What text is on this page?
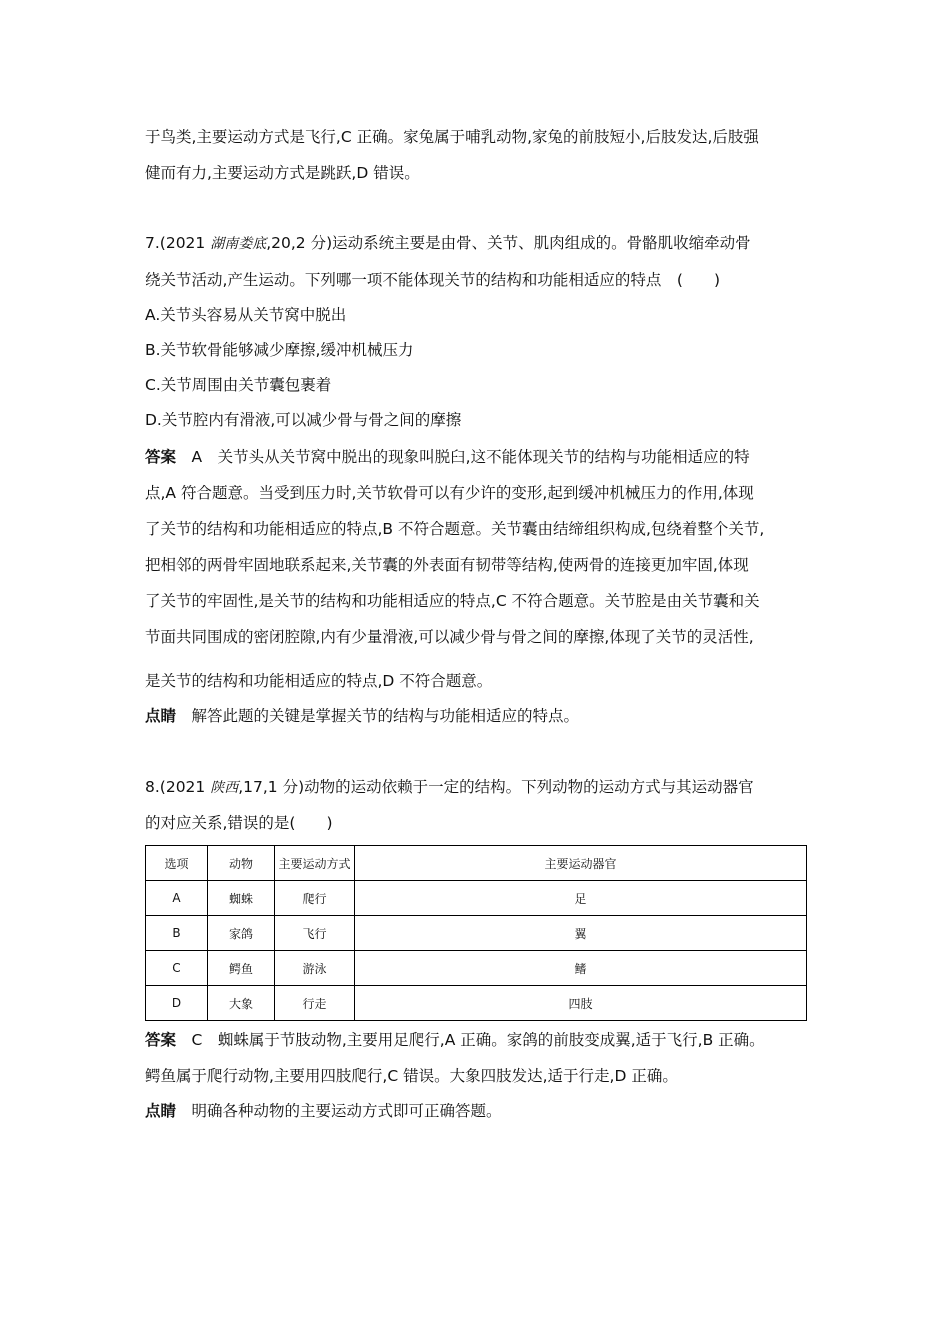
于鸟类,主要运动方式是飞行,C 正确。家兔属于哺乳动物,家兔的前肢短小,后肢发达,后肢强
健而有力,主要运动方式是跳跃,D 错误。
7.(2021 湖南娄底,20,2 分)运动系统主要是由骨、关节、肌肉组成的。骨骼肌收缩牵动骨
绕关节活动,产生运动。下列哪一项不能体现关节的结构和功能相适应的特点　(　　)
A.关节头容易从关节窝中脱出
B.关节软骨能够减少摩擦,缓冲机械压力
C.关节周围由关节囊包裹着
D.关节腔内有滑液,可以减少骨与骨之间的摩擦
答案　 A　关节头从关节窝中脱出的现象叫脱臼,这不能体现关节的结构与功能相适应的特
点,A 符合题意。当受到压力时,关节软骨可以有少许的变形,起到缓冲机械压力的作用,体现
了关节的结构和功能相适应的特点,B 不符合题意。关节囊由结缔组织构成,包绕着整个关节,
把相邻的两骨牢固地联系起来,关节囊的外表面有韧带等结构,使两骨的连接更加牢固,体现
了关节的牢固性,是关节的结构和功能相适应的特点,C 不符合题意。关节腔是由关节囊和关
节面共同围成的密闭腔隙,内有少量滑液,可以减少骨与骨之间的摩擦,体现了关节的灵活性,
是关节的结构和功能相适应的特点,D 不符合题意。
点睛　 解答此题的关键是掌握关节的结构与功能相适应的特点。
8.(2021 陕西,17,1 分)动物的运动依赖于一定的结构。下列动物的运动方式与其运动器官
的对应关系,错误的是(　　)
选项	动物	主要运动方式	主要运动器官
A	蜘蛛	爬行	足
B	家鸽	飞行	翼
C	鳄鱼	游泳	鳍
D	大象	行走	四肢
答案　 C　蜘蛛属于节肢动物,主要用足爬行,A 正确。家鸽的前肢变成翼,适于飞行,B 正确。
鳄鱼属于爬行动物,主要用四肢爬行,C 错误。大象四肢发达,适于行走,D 正确。
点睛　 明确各种动物的主要运动方式即可正确答题。
